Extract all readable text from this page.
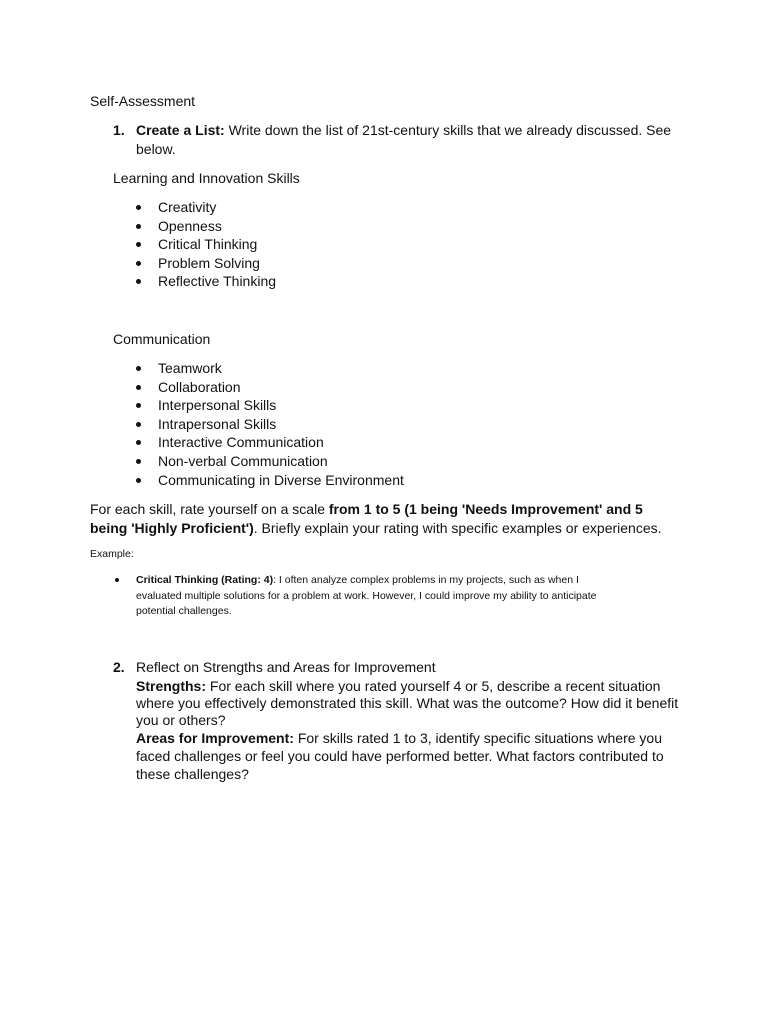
Self-Assessment
1. Create a List: Write down the list of 21st-century skills that we already discussed. See
below.
Learning and Innovation Skills
Creativity
Openness
Critical Thinking
Problem Solving
Reflective Thinking
Communication
Teamwork
Collaboration
Interpersonal Skills
Intrapersonal Skills
Interactive Communication
Non-verbal Communication
Communicating in Diverse Environment
For each skill, rate yourself on a scale from 1 to 5 (1 being 'Needs Improvement' and 5
being 'Highly Proficient'). Briefly explain your rating with specific examples or experiences.
Example:
Critical Thinking (Rating: 4): I often analyze complex problems in my projects, such as when I
evaluated multiple solutions for a problem at work. However, I could improve my ability to anticipate
potential challenges.
2. Reflect on Strengths and Areas for Improvement
Strengths: For each skill where you rated yourself 4 or 5, describe a recent situation
where you effectively demonstrated this skill. What was the outcome? How did it benefit
you or others?
Areas for Improvement: For skills rated 1 to 3, identify specific situations where you
faced challenges or feel you could have performed better. What factors contributed to
these challenges?
